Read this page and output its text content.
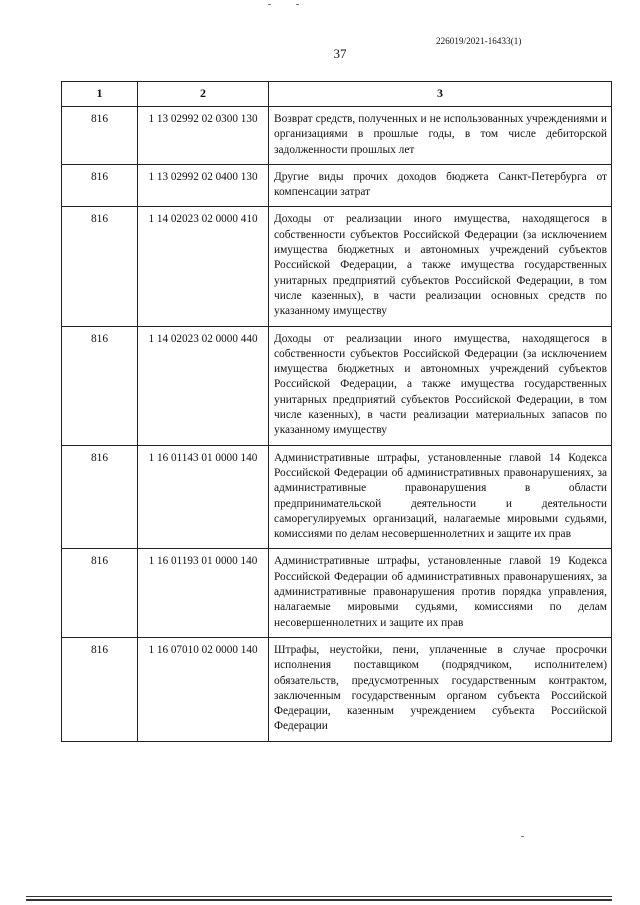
226019/2021-16433(1)
37
1	2	3
816	1 13 02992 02 0300 130	Возврат средств, полученных и не использованных учреждениями и организациями в прошлые годы, в том числе дебиторской задолженности прошлых лет
816	1 13 02992 02 0400 130	Другие виды прочих доходов бюджета Санкт-Петербурга от компенсации затрат
816	1 14 02023 02 0000 410	Доходы от реализации иного имущества, находящегося в собственности субъектов Российской Федерации (за исключением имущества бюджетных и автономных учреждений субъектов Российской Федерации, а также имущества государственных унитарных предприятий субъектов Российской Федерации, в том числе казенных), в части реализации основных средств по указанному имуществу
816	1 14 02023 02 0000 440	Доходы от реализации иного имущества, находящегося в собственности субъектов Российской Федерации (за исключением имущества бюджетных и автономных учреждений субъектов Российской Федерации, а также имущества государственных унитарных предприятий субъектов Российской Федерации, в том числе казенных), в части реализации материальных запасов по указанному имуществу
816	1 16 01143 01 0000 140	Административные штрафы, установленные главой 14 Кодекса Российской Федерации об административных правонарушениях, за административные правонарушения в области предпринимательской деятельности и деятельности саморегулируемых организаций, налагаемые мировыми судьями, комиссиями по делам несовершеннолетних и защите их прав
816	1 16 01193 01 0000 140	Административные штрафы, установленные главой 19 Кодекса Российской Федерации об административных правонарушениях, за административные правонарушения против порядка управления, налагаемые мировыми судьями, комиссиями по делам несовершеннолетних и защите их прав
816	1 16 07010 02 0000 140	Штрафы, неустойки, пени, уплаченные в случае просрочки исполнения поставщиком (подрядчиком, исполнителем) обязательств, предусмотренных государственным контрактом, заключенным государственным органом субъекта Российской Федерации, казенным учреждением субъекта Российской Федерации
